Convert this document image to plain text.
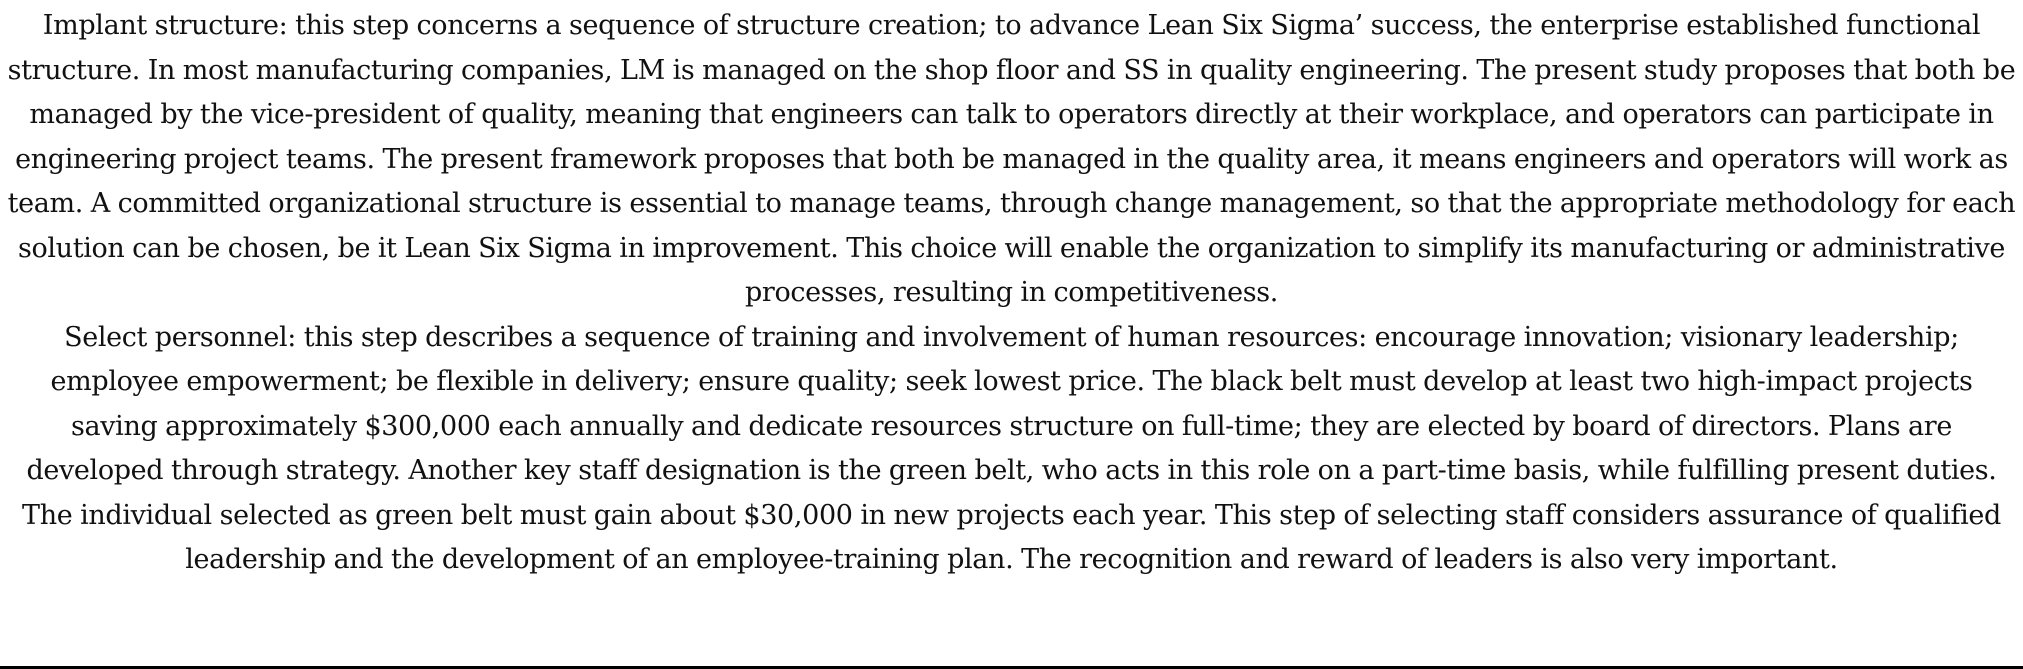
Implant structure: this step concerns a sequence of structure creation; to advance Lean Six Sigma’ success, the enterprise established functional structure. In most manufacturing companies, LM is managed on the shop floor and SS in quality engineering. The present study proposes that both be managed by the vice-president of quality, meaning that engineers can talk to operators directly at their workplace, and operators can participate in engineering project teams. The present framework proposes that both be managed in the quality area, it means engineers and operators will work as team. A committed organizational structure is essential to manage teams, through change management, so that the appropriate methodology for each solution can be chosen, be it Lean Six Sigma in improvement. This choice will enable the organization to simplify its manufacturing or administrative processes, resulting in competitiveness.

Select personnel: this step describes a sequence of training and involvement of human resources: encourage innovation; visionary leadership; employee empowerment; be flexible in delivery; ensure quality; seek lowest price. The black belt must develop at least two high-impact projects saving approximately $300,000 each annually and dedicate resources structure on full-time; they are elected by board of directors. Plans are developed through strategy. Another key staff designation is the green belt, who acts in this role on a part-time basis, while fulfilling present duties. The individual selected as green belt must gain about $30,000 in new projects each year. This step of selecting staff considers assurance of qualified leadership and the development of an employee-training plan. The recognition and reward of leaders is also very important.
